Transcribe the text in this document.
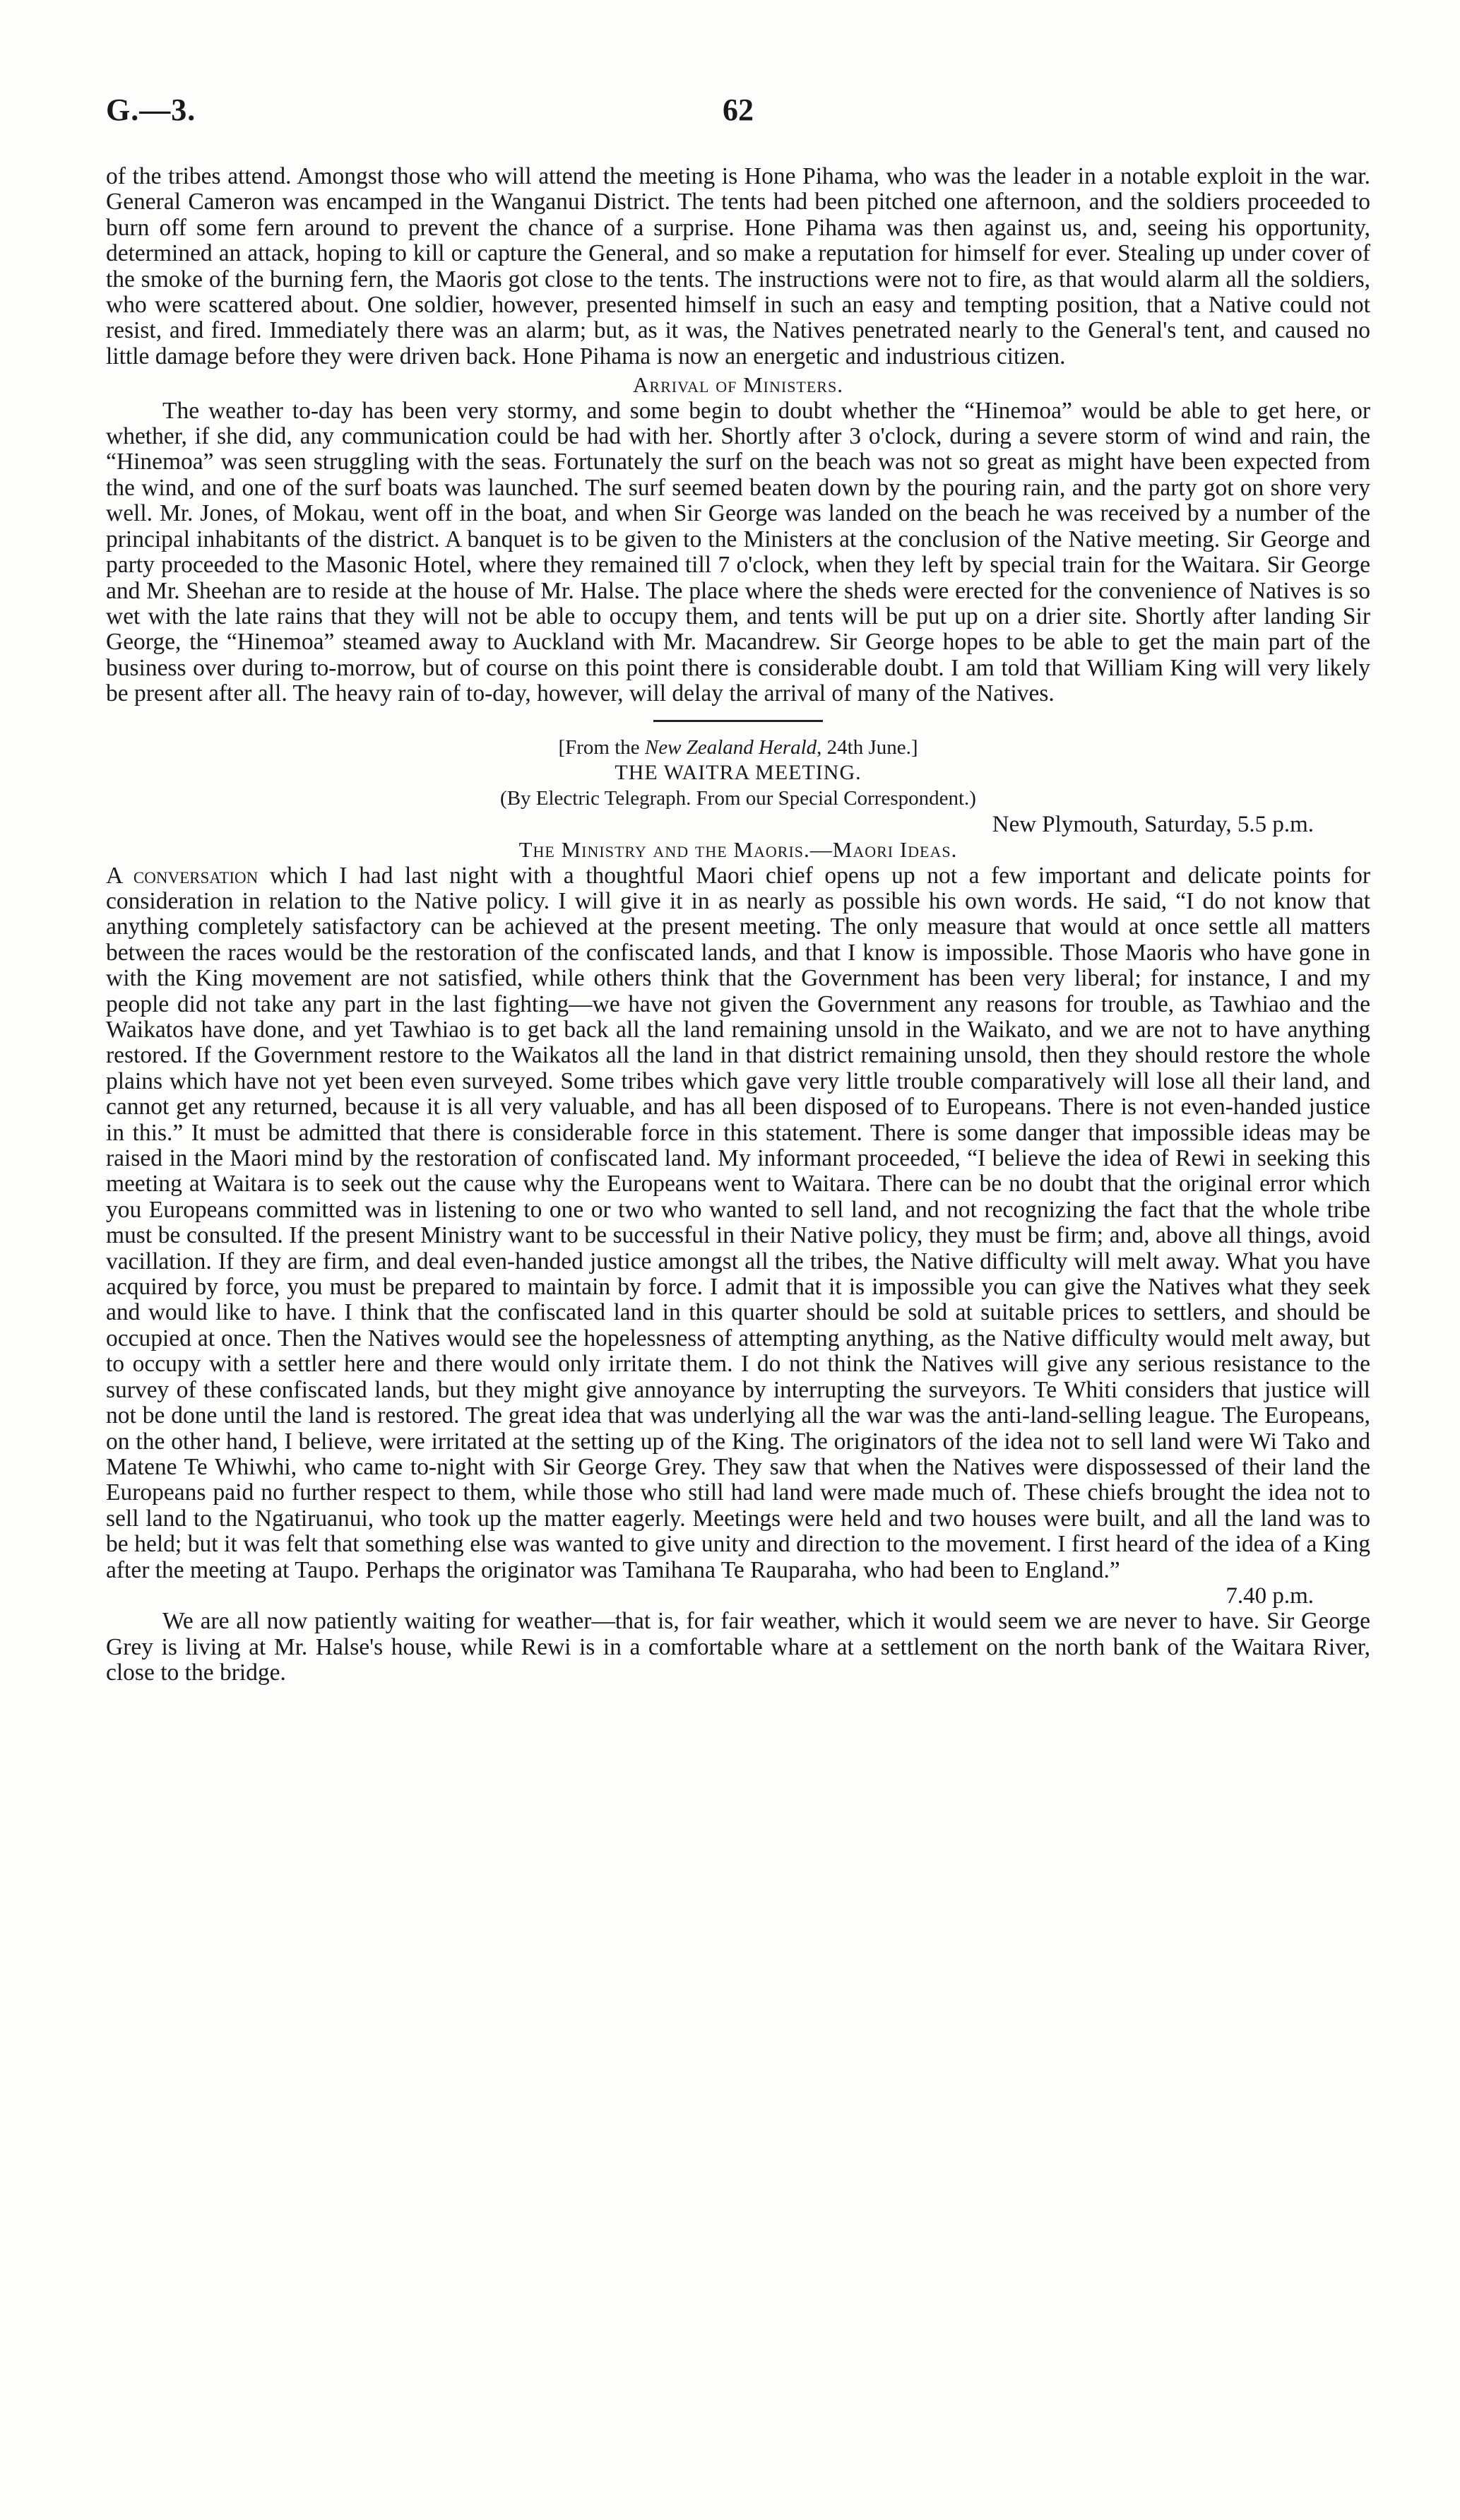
62
G.—3.

of the tribes attend. Amongst those who will attend the meeting is Hone Pihama, who was the leader in a notable exploit in the war. General Cameron was encamped in the Wanganui District. The tents had been pitched one afternoon, and the soldiers proceeded to burn off some fern around to prevent the chance of a surprise. Hone Pihama was then against us, and, seeing his opportunity, determined an attack, hoping to kill or capture the General, and so make a reputation for himself for ever. Stealing up under cover of the smoke of the burning fern, the Maoris got close to the tents. The instructions were not to fire, as that would alarm all the soldiers, who were scattered about. One soldier, however, presented himself in such an easy and tempting position, that a Native could not resist, and fired. Immediately there was an alarm; but, as it was, the Natives penetrated nearly to the General's tent, and caused no little damage before they were driven back. Hone Pihama is now an energetic and industrious citizen.

Arrival of Ministers.

The weather to-day has been very stormy, and some begin to doubt whether the “Hinemoa” would be able to get here, or whether, if she did, any communication could be had with her. Shortly after 3 o'clock, during a severe storm of wind and rain, the “Hinemoa” was seen struggling with the seas. Fortunately the surf on the beach was not so great as might have been expected from the wind, and one of the surf boats was launched. The surf seemed beaten down by the pouring rain, and the party got on shore very well. Mr. Jones, of Mokau, went off in the boat, and when Sir George was landed on the beach he was received by a number of the principal inhabitants of the district. A banquet is to be given to the Ministers at the conclusion of the Native meeting. Sir George and party proceeded to the Masonic Hotel, where they remained till 7 o'clock, when they left by special train for the Waitara. Sir George and Mr. Sheehan are to reside at the house of Mr. Halse. The place where the sheds were erected for the convenience of Natives is so wet with the late rains that they will not be able to occupy them, and tents will be put up on a drier site. Shortly after landing Sir George, the “Hinemoa” steamed away to Auckland with Mr. Macandrew. Sir George hopes to be able to get the main part of the business over during to-morrow, but of course on this point there is considerable doubt. I am told that William King will very likely be present after all. The heavy rain of to-day, however, will delay the arrival of many of the Natives.

[From the New Zealand Herald, 24th June.]
THE WAITRA MEETING.
(By Electric Telegraph. From our Special Correspondent.)
New Plymouth, Saturday, 5.5 p.m.
The Ministry and the Maoris.—Maori Ideas.

A conversation which I had last night with a thoughtful Maori chief opens up not a few important and delicate points for consideration in relation to the Native policy. I will give it in as nearly as possible his own words. He said, “I do not know that anything completely satisfactory can be achieved at the present meeting. The only measure that would at once settle all matters between the races would be the restoration of the confiscated lands, and that I know is impossible. Those Maoris who have gone in with the King movement are not satisfied, while others think that the Government has been very liberal; for instance, I and my people did not take any part in the last fighting—we have not given the Government any reasons for trouble, as Tawhiao and the Waikatos have done, and yet Tawhiao is to get back all the land remaining unsold in the Waikato, and we are not to have anything restored. If the Government restore to the Waikatos all the land in that district remaining unsold, then they should restore the whole plains which have not yet been even surveyed. Some tribes which gave very little trouble comparatively will lose all their land, and cannot get any returned, because it is all very valuable, and has all been disposed of to Europeans. There is not even-handed justice in this.” It must be admitted that there is considerable force in this statement. There is some danger that impossible ideas may be raised in the Maori mind by the restoration of confiscated land. My informant proceeded, “I believe the idea of Rewi in seeking this meeting at Waitara is to seek out the cause why the Europeans went to Waitara. There can be no doubt that the original error which you Europeans committed was in listening to one or two who wanted to sell land, and not recognizing the fact that the whole tribe must be consulted. If the present Ministry want to be successful in their Native policy, they must be firm; and, above all things, avoid vacillation. If they are firm, and deal even-handed justice amongst all the tribes, the Native difficulty will melt away. What you have acquired by force, you must be prepared to maintain by force. I admit that it is impossible you can give the Natives what they seek and would like to have. I think that the confiscated land in this quarter should be sold at suitable prices to settlers, and should be occupied at once. Then the Natives would see the hopelessness of attempting anything, as the Native difficulty would melt away, but to occupy with a settler here and there would only irritate them. I do not think the Natives will give any serious resistance to the survey of these confiscated lands, but they might give annoyance by interrupting the surveyors. Te Whiti considers that justice will not be done until the land is restored. The great idea that was underlying all the war was the anti-land-selling league. The Europeans, on the other hand, I believe, were irritated at the setting up of the King. The originators of the idea not to sell land were Wi Tako and Matene Te Whiwhi, who came to-night with Sir George Grey. They saw that when the Natives were dispossessed of their land the Europeans paid no further respect to them, while those who still had land were made much of. These chiefs brought the idea not to sell land to the Ngatiruanui, who took up the matter eagerly. Meetings were held and two houses were built, and all the land was to be held; but it was felt that something else was wanted to give unity and direction to the movement. I first heard of the idea of a King after the meeting at Taupo. Perhaps the originator was Tamihana Te Rauparaha, who had been to England.”

7.40 p.m.

We are all now patiently waiting for weather—that is, for fair weather, which it would seem we are never to have. Sir George Grey is living at Mr. Halse's house, while Rewi is in a comfortable whare at a settlement on the north bank of the Waitara River, close to the bridge.
